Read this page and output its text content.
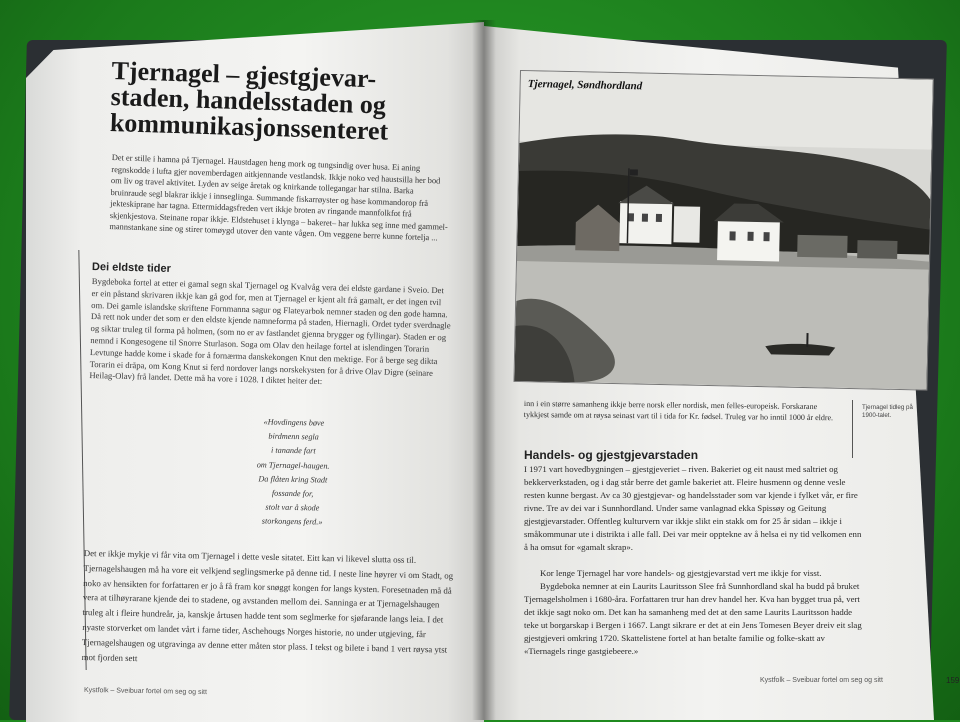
Tjernagel – gjestgjevar-staden, handelsstaden og kommunikasjonssenteret

Det er stille i hamna på Tjernagel. Haustdagen heng mork og tungsindig over husa. Ei aning regnskodde i lufta gjer novemberdagen aitkjennande vestlandsk. Ikkje noko ved haustsilla her bod om liv og travel aktivitet. Lyden av seige åretak og knirkande tollegangar har stilna. Barka bruinraude segl blakrar ikkje i innseglinga. Summande fiskarrøyster og hase kommandorop frå jekteskiprane har tagna. Ettermiddagsfreden vert ikkje broten av ringande mannfolkfot frå skjenkjestova. Steinane ropar ikkje. Eldstehuset i klynga – bakeret– har lukka seg inne med gammel-mannstankane sine og stirer tomøygd utover den vante vågen. Om veggene berre kunne fortelja ...

Dei eldste tider

Bygdeboka fortel at etter ei gamal segn skal Tjernagel og Kvalvåg vera dei eldste gardane i Sveio. Det er ein påstand skrivaren ikkje kan gå god for, men at Tjernagel er kjent alt frå gamalt, er det ingen tvil om. Dei gamle islandske skriftene Fornmanna sagur og Flateyarbok nemner staden og den gode hamna. Då rett nok under det som er den eldste kjende namneforma på staden, Hiernagli. Ordet tyder sverdnagle og siktar truleg til forma på holmen, (som no er av fastlandet gjenna brygger og fyllingar). Staden er og nemnd i Kongesogene til Snorre Sturlason. Soga om Olav den heilage fortel at islendingen Torarin Levtunge hadde kome i skade for å fornærma danskekongen Knut den mektige. For å berge seg dikta Torarin ei dråpa, om Kong Knut si ferd nordover langs norskekysten for å drive Olav Digre (seinare Heilag-Olav) frå landet. Dette må ha vore i 1028. I diktet heiter det:

«Hovdingens bøve
birdmenn segla
i tanande fart
om Tjernagel-haugen.
Da flåten kring Stadt
fossande for,
stolt var å skode
storkongens ferd.»

Det er ikkje mykje vi får vita om Tjernagel i dette vesle sitatet. Eitt kan vi likevel slutta oss til. Tjernagelshaugen må ha vore eit velkjend seglingsmerke på denne tid. I neste line høyrer vi om Stadt, og noko av hensikten for forfattaren er jo å få fram kor snøggt kongen for langs kysten. Foresetnaden må då vera at tilhøyrarane kjende dei to stadene, og avstanden mellom dei. Sanninga er at Tjernagelshaugen truleg alt i fleire hundreår, ja, kanskje årtusen hadde tent som seglmerke for sjøfarande langs leia. I det nyaste storverket om landet vårt i farne tider, Aschehougs Norges historie, no under utgjeving, får Tjernagelshaugen og utgravinga av denne etter måten stor plass. I tekst og bilete i band 1 vert røysa ytst mot fjorden sett

Kystfolk – Sveibuar fortel om seg og sitt
Tjernagel, Søndhordland

inn i ein større samanheng ikkje berre norsk eller nordisk, men felles-europeisk. Forskarane tykkjest samde om at røysa seinast vart til i tida for Kr. fødsel. Truleg var ho inntil 1000 år eldre.

Tjernagel tidleg på 1900-talet.
Handels- og gjestgjevarstaden

I 1971 vart hovedbygningen – gjestgjeveriet – riven. Bakeriet og eit naust med saltriet og bekkerverkstaden, og i dag står berre det gamle bakeriet att. Fleire husmenn og denne vesle resten kunne bergast. Av ca 30 gjestgjevar- og handelsstader som var kjende i fylket vår, er fire rivne. Tre av dei var i Sunnhordland. Under same vanlagnad ekka Spissøy og Geitung gjestgjevarstader. Offentleg kulturvern var ikkje slikt ein stakk om for 25 år sidan – ikkje i småkommunar ute i distrikta i alle fall. Dei var meir opptekne av å helsa ei ny tid velkomen enn å ha omsut for «gamalt skrap».

Kor lenge Tjernagel har vore handels- og gjestgjevarstad vert me ikkje for visst.

Bygdeboka nemner at ein Laurits Lauritsson Slee frå Sunnhordland skal ha budd på bruket Tjernagelsholmen i 1680-åra. Forfattaren trur han drev handel her. Kva han bygget trua på, vert det ikkje sagt noko om. Det kan ha samanheng med det at den same Laurits Lauritsson hadde teke ut borgarskap i Bergen i 1667. Langt sikrare er det at ein Jens Tomesen Beyer dreiv eit slag gjestgjeveri omkring 1720. Skattelistene fortel at han betalte familie og folke-skatt av «Tiernagels ringe gastgiebeere.»

Kystfolk – Sveibuar fortel om seg og sitt	159
